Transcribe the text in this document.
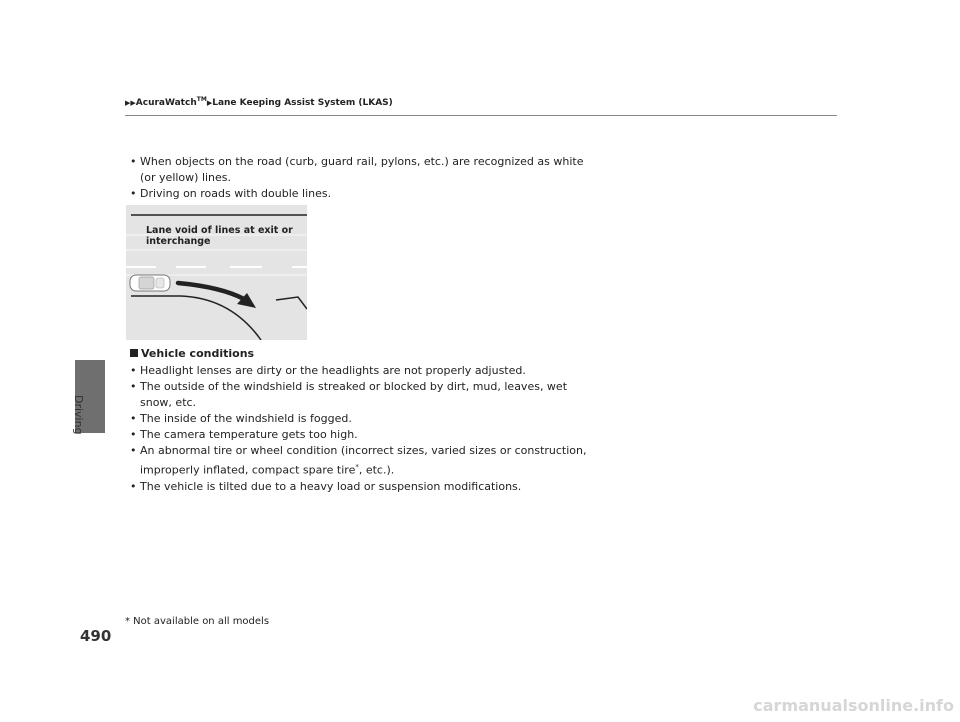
Driving
▶▶AcuraWatch™▶Lane Keeping Assist System (LKAS)
• When objects on the road (curb, guard rail, pylons, etc.) are recognized as white
(or yellow) lines.
• Driving on roads with double lines.
Lane void of lines at exit or
interchange
Vehicle conditions
• Headlight lenses are dirty or the headlights are not properly adjusted.
• The outside of the windshield is streaked or blocked by dirt, mud, leaves, wet
snow, etc.
• The inside of the windshield is fogged.
• The camera temperature gets too high.
• An abnormal tire or wheel condition (incorrect sizes, varied sizes or construction,
improperly inflated, compact spare tire*, etc.).
• The vehicle is tilted due to a heavy load or suspension modifications.
490
* Not available on all models
carmanualsonline.info
